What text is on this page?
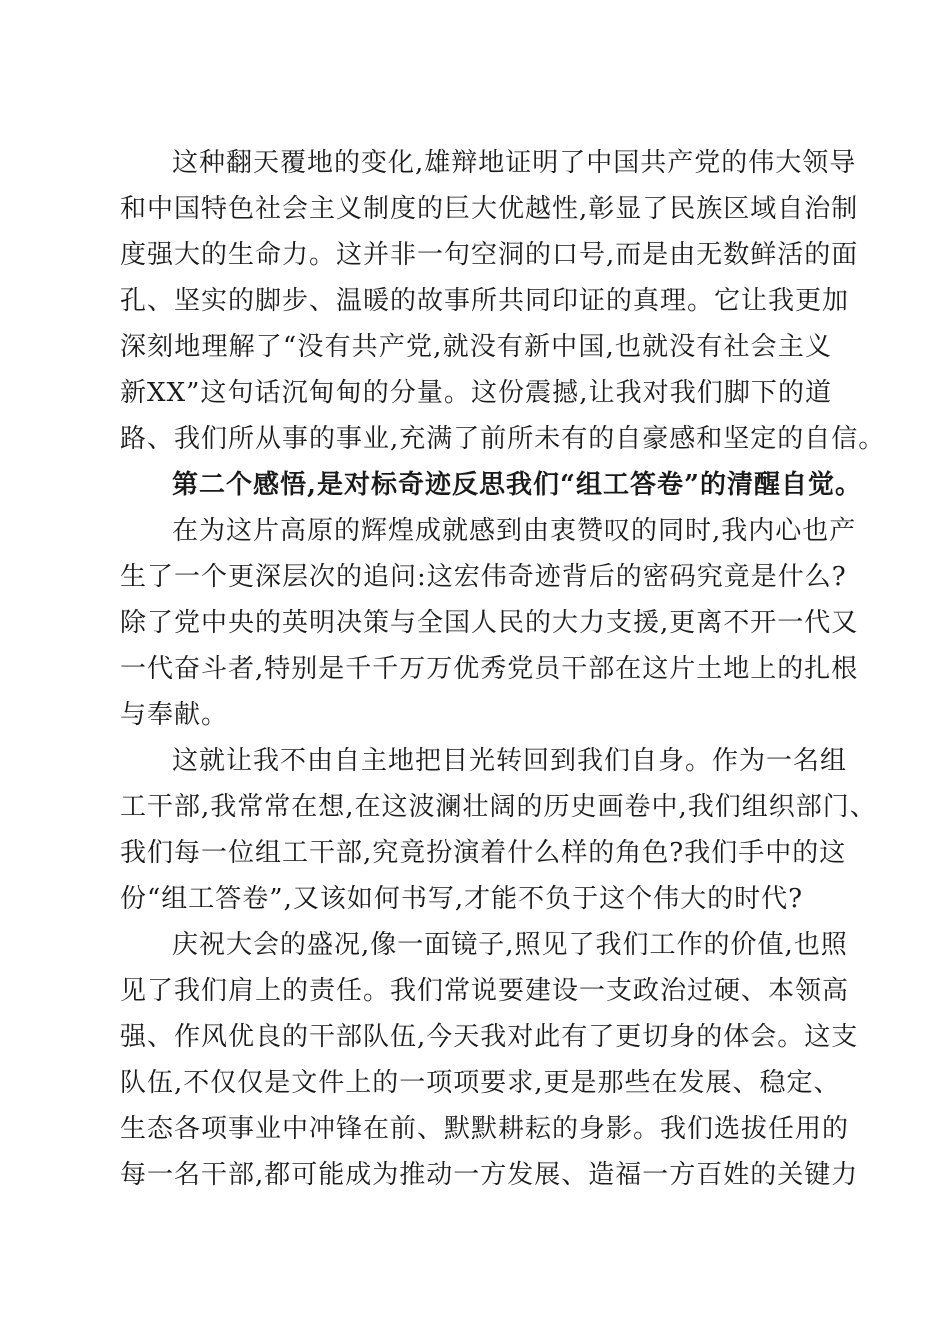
这种翻天覆地的变化,雄辩地证明了中国共产党的伟大领导
和中国特色社会主义制度的巨大优越性,彰显了民族区域自治制
度强大的生命力。这并非一句空洞的口号,而是由无数鲜活的面
孔、坚实的脚步、温暖的故事所共同印证的真理。它让我更加
深刻地理解了“没有共产党,就没有新中国,也就没有社会主义
新XX”这句话沉甸甸的分量。这份震撼,让我对我们脚下的道
路、我们所从事的事业,充满了前所未有的自豪感和坚定的自信。
第二个感悟,是对标奇迹反思我们“组工答卷”的清醒自觉。
在为这片高原的辉煌成就感到由衷赞叹的同时,我内心也产
生了一个更深层次的追问:这宏伟奇迹背后的密码究竟是什么?
除了党中央的英明决策与全国人民的大力支援,更离不开一代又
一代奋斗者,特别是千千万万优秀党员干部在这片土地上的扎根
与奉献。
这就让我不由自主地把目光转回到我们自身。作为一名组
工干部,我常常在想,在这波澜壮阔的历史画卷中,我们组织部门、
我们每一位组工干部,究竟扮演着什么样的角色?我们手中的这
份“组工答卷”,又该如何书写,才能不负于这个伟大的时代?
庆祝大会的盛况,像一面镜子,照见了我们工作的价值,也照
见了我们肩上的责任。我们常说要建设一支政治过硬、本领高
强、作风优良的干部队伍,今天我对此有了更切身的体会。这支
队伍,不仅仅是文件上的一项项要求,更是那些在发展、稳定、
生态各项事业中冲锋在前、默默耕耘的身影。我们选拔任用的
每一名干部,都可能成为推动一方发展、造福一方百姓的关键力
